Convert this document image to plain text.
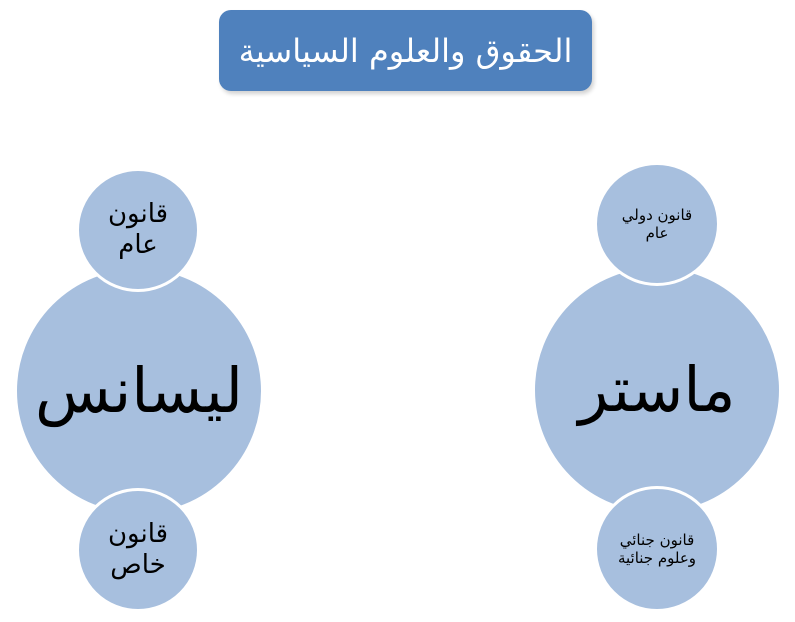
الحقوق والعلوم السياسية
ليسانس
قانون
عام
قانون
خاص
ماستر
قانون دولي
عام
قانون جنائي
وعلوم جنائية
